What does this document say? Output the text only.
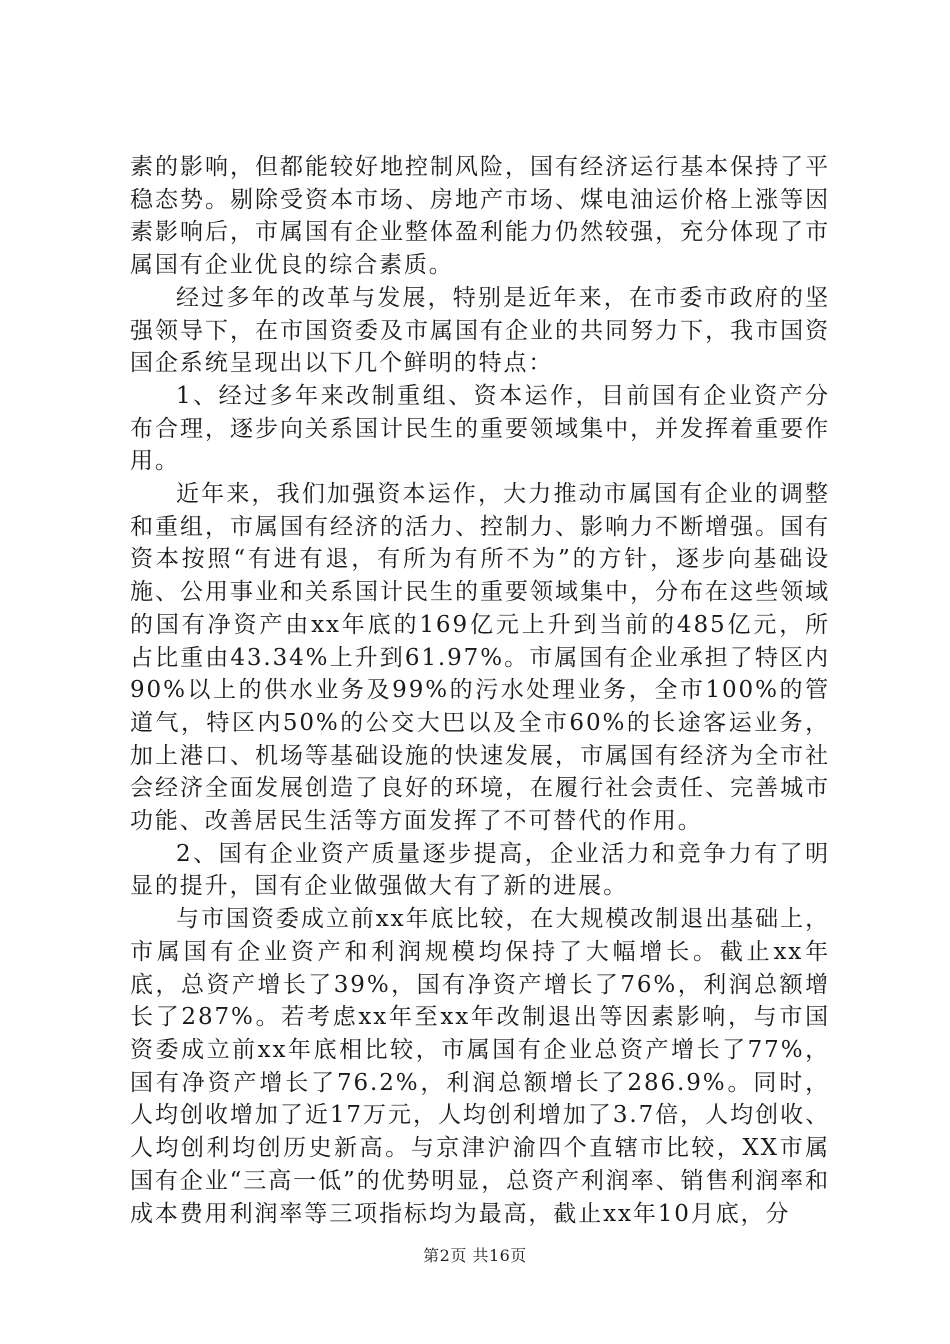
素的影响，但都能较好地控制风险，国有经济运行基本保持了平稳态势。剔除受资本市场、房地产市场、煤电油运价格上涨等因素影响后，市属国有企业整体盈利能力仍然较强，充分体现了市属国有企业优良的综合素质。

经过多年的改革与发展，特别是近年来，在市委市政府的坚强领导下，在市国资委及市属国有企业的共同努力下，我市国资国企系统呈现出以下几个鲜明的特点：

1、经过多年来改制重组、资本运作，目前国有企业资产分布合理，逐步向关系国计民生的重要领域集中，并发挥着重要作用。

近年来，我们加强资本运作，大力推动市属国有企业的调整和重组，市属国有经济的活力、控制力、影响力不断增强。国有资本按照“有进有退，有所为有所不为”的方针，逐步向基础设施、公用事业和关系国计民生的重要领域集中，分布在这些领域的国有净资产由xx年底的169亿元上升到当前的485亿元，所占比重由43.34%上升到61.97%。市属国有企业承担了特区内90%以上的供水业务及99%的污水处理业务，全市100%的管道气，特区内50%的公交大巴以及全市60%的长途客运业务，加上港口、机场等基础设施的快速发展，市属国有经济为全市社会经济全面发展创造了良好的环境，在履行社会责任、完善城市功能、改善居民生活等方面发挥了不可替代的作用。

2、国有企业资产质量逐步提高，企业活力和竞争力有了明显的提升，国有企业做强做大有了新的进展。

与市国资委成立前xx年底比较，在大规模改制退出基础上，市属国有企业资产和利润规模均保持了大幅增长。截止xx年底，总资产增长了39%，国有净资产增长了76%，利润总额增长了287%。若考虑xx年至xx年改制退出等因素影响，与市国资委成立前xx年底相比较，市属国有企业总资产增长了77%，国有净资产增长了76.2%，利润总额增长了286.9%。同时，人均创收增加了近17万元，人均创利增加了3.7倍，人均创收、人均创利均创历史新高。与京津沪渝四个直辖市比较，XX市属国有企业“三高一低”的优势明显，总资产利润率、销售利润率和成本费用利润率等三项指标均为最高，截止xx年10月底，分

第2页 共16页
